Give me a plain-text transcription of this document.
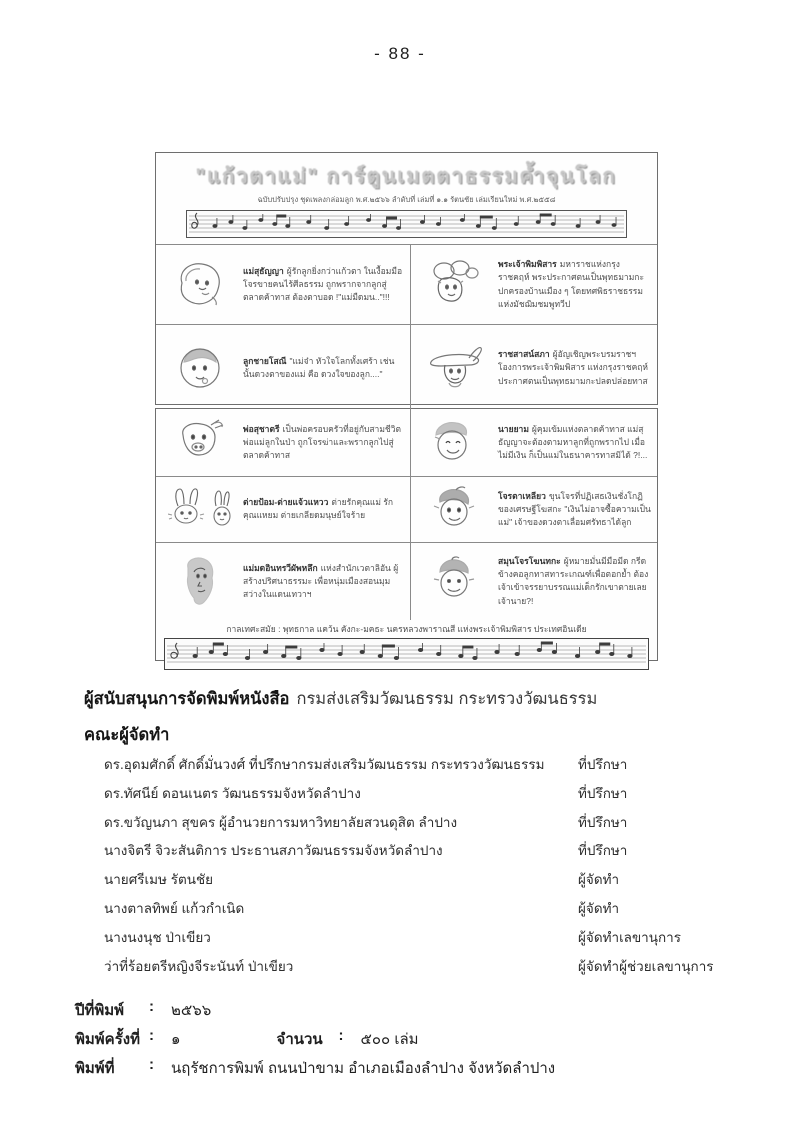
- 88 -
"แก้วตาแม่" การ์ตูนเมตตาธรรมค้ำจุนโลก
ฉบับปรับปรุง ชุดเพลงกล่อมลูก พ.ศ.๒๕๖๖ ลำดับที่ เล่มที่ ๑.๑ รัตนชัย เล่มเรียนใหม่ พ.ศ.๒๕๕๘

แม่สุธัญญา ผู้รักลูกยิ่งกว่าแก้วตา ในเงื้อมมือโจรขายคนไร้ศีลธรรม ถูกพรากจากลูกสู่ตลาดค้าทาส ต้องตาบอด !"แม่มืดมน.."!!!

พระเจ้าพิมพิสาร มหาราชแห่งกรุงราชคฤห์ พระประกาศตนเป็นพุทธมามกะปกครองบ้านเมือง ๆ โดยทศพิธราชธรรม แห่งมัชฌิมชมพูทวีป

ลูกชายโสณี "แม่จ๋า หัวใจโลกทั้งเศร้า เช่นนั้นดวงตาของแม่ คือ ดวงใจของลูก...."

ราชสาสน์สภา ผู้อัญเชิญพระบรมราชฯ โองการพระเจ้าพิมพิสาร แห่งกรุงราชคฤห์ ประกาศตนเป็นพุทธมามกะปลดปล่อยทาส

พ่อสุชาตรี เป็นพ่อครอบครัวที่อยู่กับสามชีวิตพ่อแม่ลูกในป่า ถูกโจรฆ่าและพรากลูกไปสู่ตลาดค้าทาส

นายยาม ผู้คุมเข้มแห่งตลาดค้าทาส แม่สุธัญญาจะต้องตามหาลูกที่ถูกพรากไป เมื่อไม่มีเงิน ก็เป็นแม่ในธนาคารทาสมิได้ ?!...

ต่ายป้อม-ต่ายแจ้วแหวว ต่ายรักคุณแม่ รักคุณแหยม ต่ายเกลียดมนุษย์ใจร้าย

โจรตาเหลียว ขุนโจรที่ปฏิเสธเงินชั่งโกฏิของเศรษฐีโฆสกะ "เงินไม่อาจซื้อความเป็นแม่" เจ้าของดวงตาเลื่อมศรัทธาได้ลูก

แม่มดอินทรวีผัพหลึก แห่งสำนักเวตาลิอัน ผู้สร้างปริศนาธรรมะ เพื่อหนุ่มเมืองสอนมุมสว่างในแดนเทวาฯ

สมุนโจรโฆนทกะ ผู้หมายมั่นมีมือมีด กรีดข้างคอลูกทาสทาระเกณฑ์เพื่อตอกย้ำ ต้องเจ้าเข้าจรรยาบรรณแม่เด็กรักเขาตายเลยเจ้านาย?!

กาลเทศะสมัย : พุทธกาล แคว้น คังกะ-มคธะ นครหลวงพาราณสี แห่งพระเจ้าพิมพิสาร ประเทศอินเดีย
ผู้สนับสนุนการจัดพิมพ์หนังสือ กรมส่งเสริมวัฒนธรรม กระทรวงวัฒนธรรม
คณะผู้จัดทำ
ดร.อุดมศักดิ์ ศักดิ์มั่นวงศ์ ที่ปรึกษากรมส่งเสริมวัฒนธรรม กระทรวงวัฒนธรรม ที่ปรึกษา
ดร.ทัศนีย์ ดอนเนตร วัฒนธรรมจังหวัดลำปาง	ที่ปรึกษา
ดร.ขวัญนภา สุขคร ผู้อำนวยการมหาวิทยาลัยสวนดุสิต ลำปาง	ที่ปรึกษา
นางจิตรี จิวะสันติการ ประธานสภาวัฒนธรรมจังหวัดลำปาง	ที่ปรึกษา
นายศรีเมษ รัตนชัย	ผู้จัดทำ
นางตาลทิพย์ แก้วกำเนิด	ผู้จัดทำ
นางนงนุช ป่าเขียว	ผู้จัดทำเลขานุการ
ว่าที่ร้อยตรีหญิงจีระนันท์ ป่าเขียว	ผู้จัดทำผู้ช่วยเลขานุการ
ปีที่พิมพ์	:	๒๕๖๖
พิมพ์ครั้งที่ :	๑	จำนวน	:	๕๐๐ เล่ม
พิมพ์ที่	:	นฤรัชการพิมพ์ ถนนป่าขาม อำเภอเมืองลำปาง จังหวัดลำปาง
